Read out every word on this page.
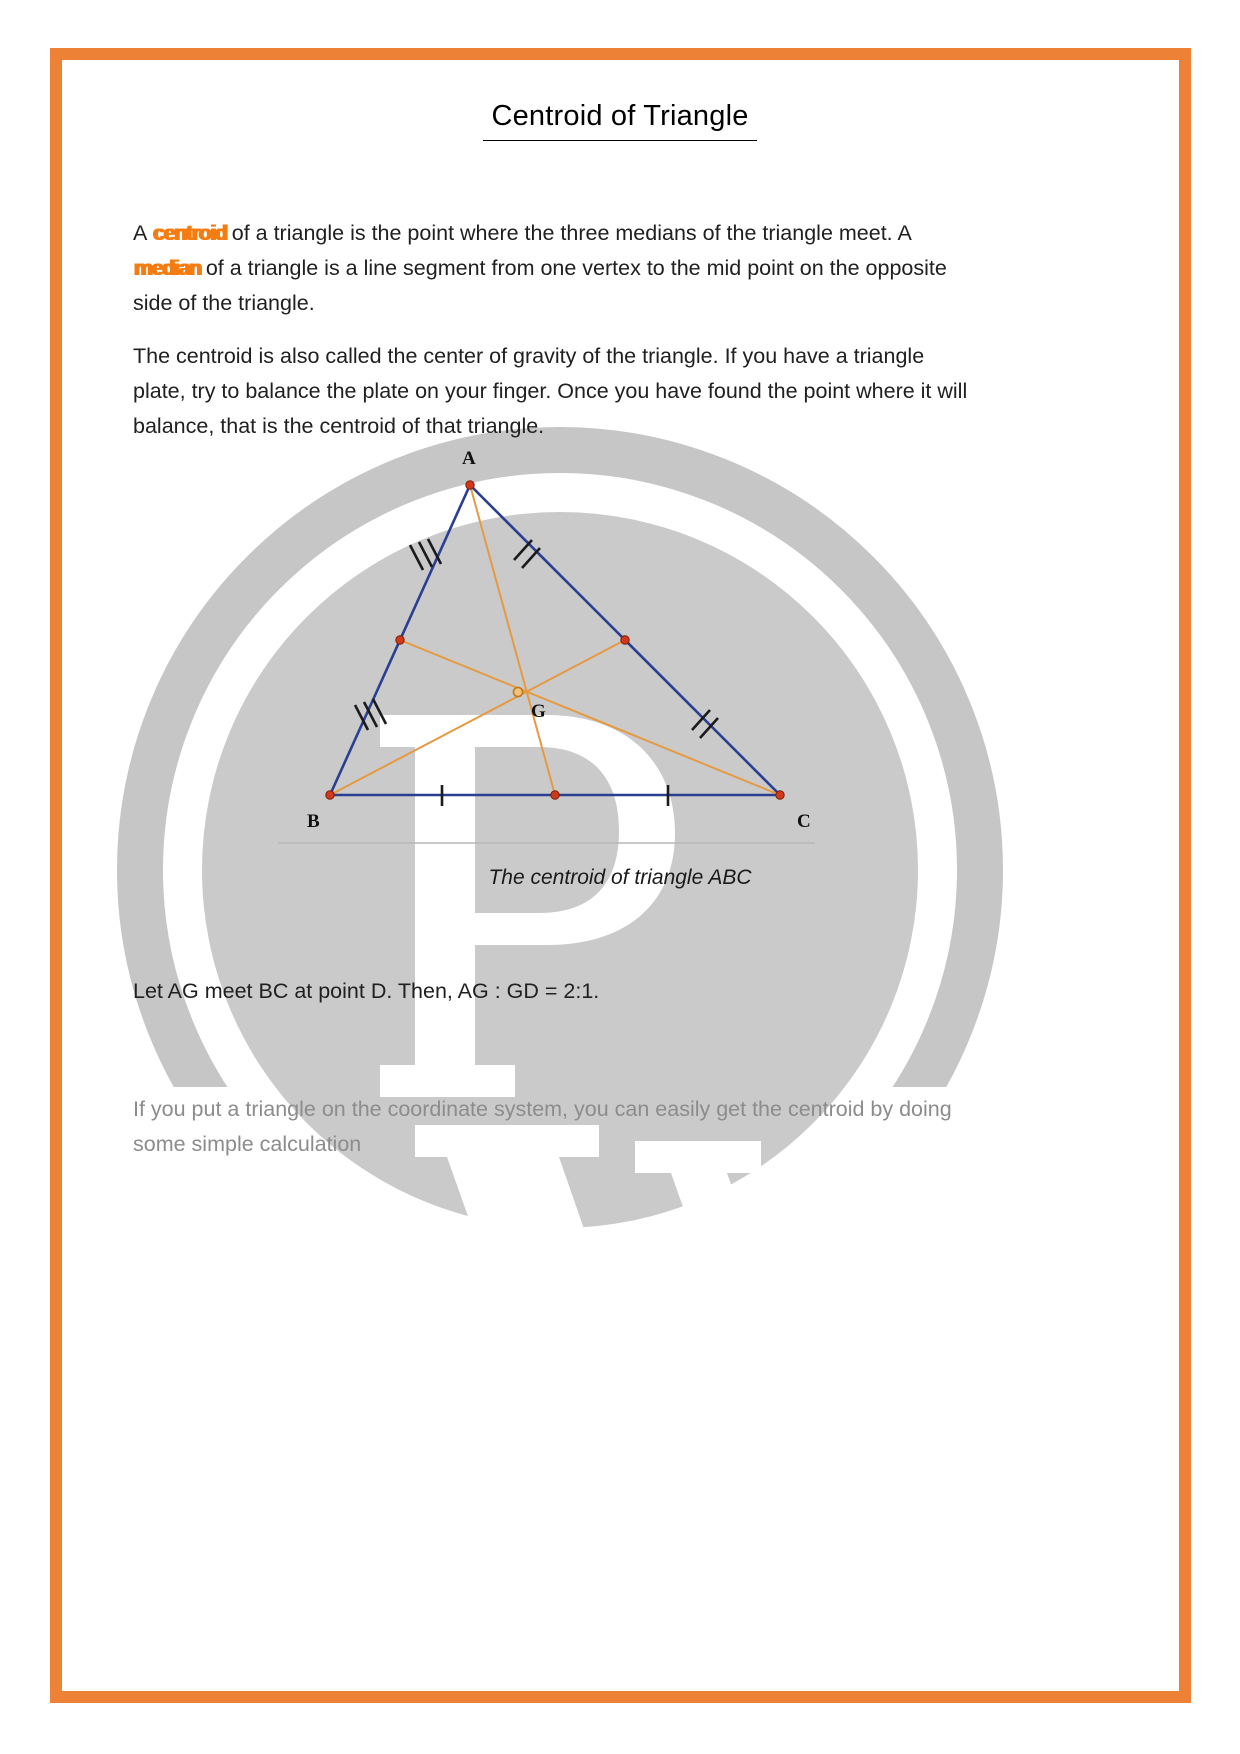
A
B	C
G
Centroid of Triangle

A centroid centroid of a triangle is the point where the three medians of the triangle meet. A median median of a triangle is a line segment from one vertex to the mid point on the opposite side of the triangle.

The centroid is also called the center of gravity of the triangle. If you have a triangle plate, try to balance the plate on your finger. Once you have found the point where it will balance, that is the centroid of that triangle.

The centroid of triangle ABC
Let AG meet BC at point D. Then, AG : GD = 2:1.

If you put a triangle on the coordinate system, you can easily get the centroid by doing some simple calculation
